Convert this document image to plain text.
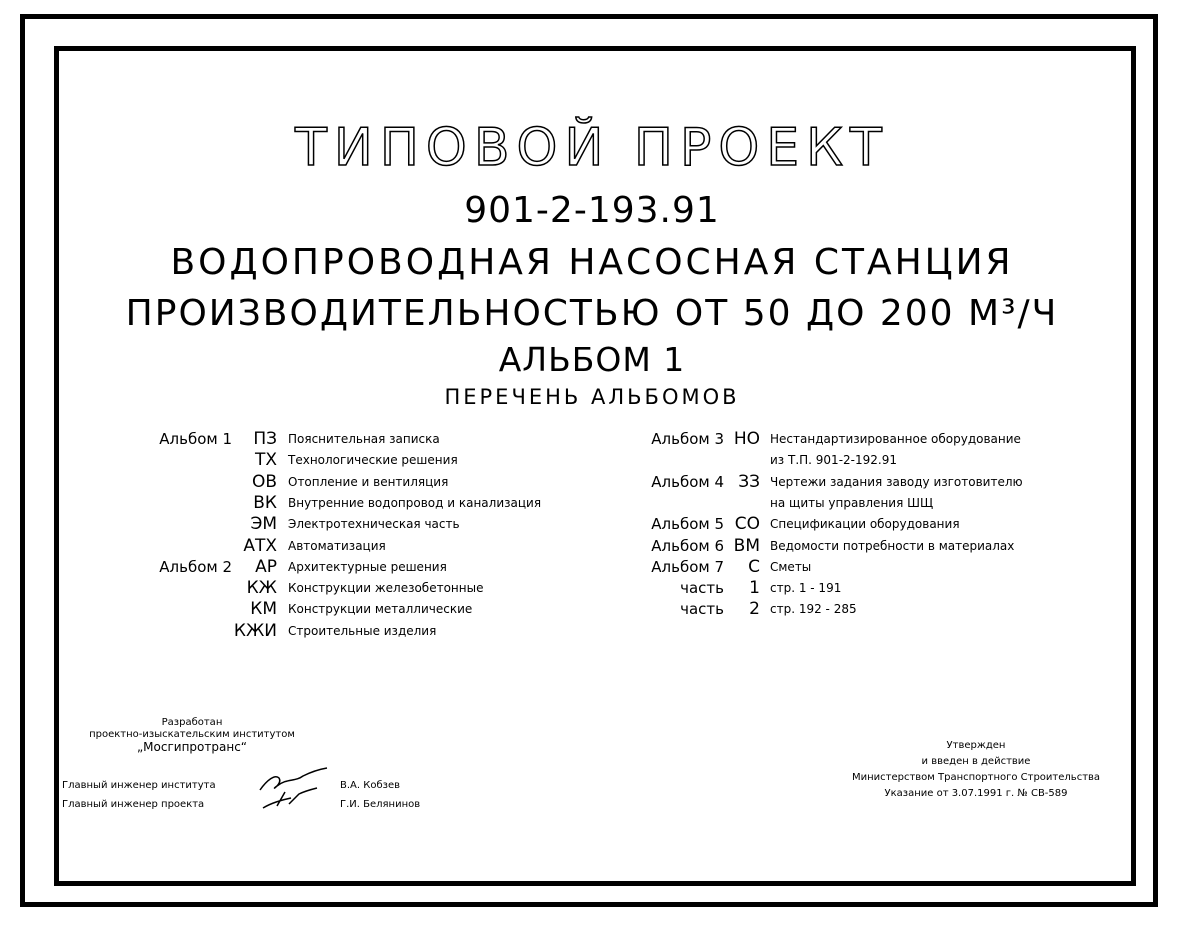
ТИПОВОЙ ПРОЕКТ
901-2-193.91
ВОДОПРОВОДНАЯ НАСОСНАЯ СТАНЦИЯ
ПРОИЗВОДИТЕЛЬНОСТЬЮ ОТ 50 ДО 200 М³/Ч
АЛЬБОМ 1
ПЕРЕЧЕНЬ АЛЬБОМОВ
Альбом 1	ПЗ Пояснительная записка
ТХ Технологические решения
ОВ Отопление и вентиляция
ВК Внутренние водопровод и канализация
ЭМ Электротехническая часть
АТХ Автоматизация
Альбом 2	АР Архитектурные решения
КЖ Конструкции железобетонные
КМ Конструкции металлические
КЖИ Строительные изделия
Альбом 3 НО Нестандартизированное оборудование
из Т.П. 901-2-192.91
Альбом 4 ЗЗ Чертежи задания заводу изготовителю
на щиты управления ШЩ
Альбом 5 СО Спецификации оборудования
Альбом 6 ВМ Ведомости потребности в материалах
Альбом 7	С Сметы
часть	1 стр. 1 - 191
часть	2 стр. 192 - 285
Разработан
проектно-изыскательским институтом
„Мосгипротранс“
Главный инженер института
Главный инженер проекта
В.А. Кобзев
Г.И. Белянинов
Утвержден
и введен в действие
Министерством Транспортного Строительства
Указание от 3.07.1991 г. № СВ-589
